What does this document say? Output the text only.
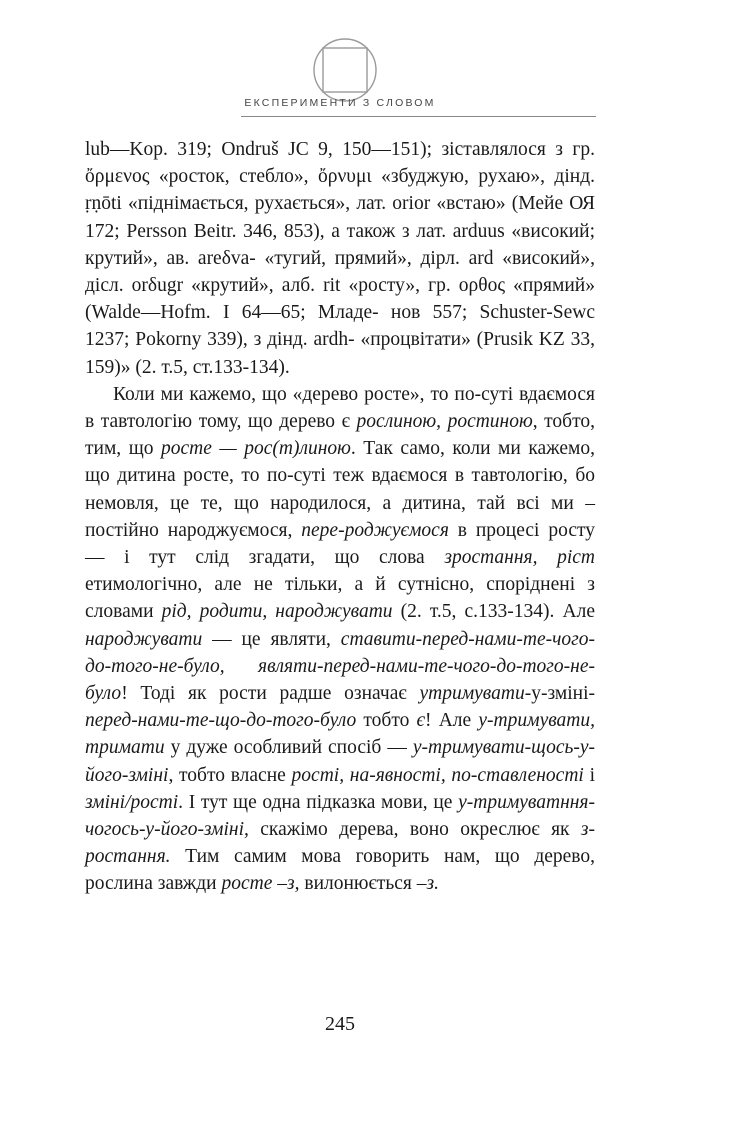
ЕКСПЕРИМЕНТИ З СЛОВОМ

lub—Kop. 319; Ondruš JC 9, 150—151); зіставлялося з гр. ὄρμενος «росток, стебло», ὄρνυμι «збуджую, рухаю», дінд. ṛṇōti «піднімається, рухається», лат. orior «встаю» (Мейе ОЯ 172; Persson Beitr. 346, 853), а також з лат. arduus «високий; крутий», ав. areδva- «тугий, прямий», дірл. ard «високий», дісл. orδugr «крутий», алб. rit «росту», гр. ορθος «прямий» (Walde—Hofm. I 64—65; Младе- нов 557; Schuster-Sewc 1237; Pokorny 339), з дінд. ardh- «процвітати» (Prusik KZ 33, 159)» (2. т.5, ст.133-134).

Коли ми кажемо, що «дерево росте», то по-суті вдаємося в тавтологію тому, що дерево є рослиною, ростиною, тобто, тим, що росте — рос(т)линою. Так само, коли ми кажемо, що дитина росте, то по-суті теж вдаємося в тавтологію, бо немовля, це те, що народилося, а дитина, тай всі ми – постійно народжуємося, пере-роджуємося в процесі росту — і тут слід згадати, що слова зростання, ріст етимологічно, але не тільки, а й сутнісно, споріднені з словами рід, родити, народжувати (2. т.5, с.133-134). Але народжувати — це являти, ставити-перед-нами-те-чого-до-того-не-було, являти-перед-нами-те-чого-до-того-не-було! Тоді як рости радше означає утримувати-у-зміні-перед-нами-те-що-до-того-було тобто є! Але у-тримувати, тримати у дуже особливий спосіб — у-тримувати-щось-у-його-зміні, тобто власне рості, на-явності, по-ставленості і зміні/рості. І тут ще одна підказка мови, це у-тримуватння-чогось-у-його-зміні, скажімо дерева, воно окреслює як з-ростання. Тим самим мова говорить нам, що дерево, рослина завжди росте –з, вилонюється –з.

245
